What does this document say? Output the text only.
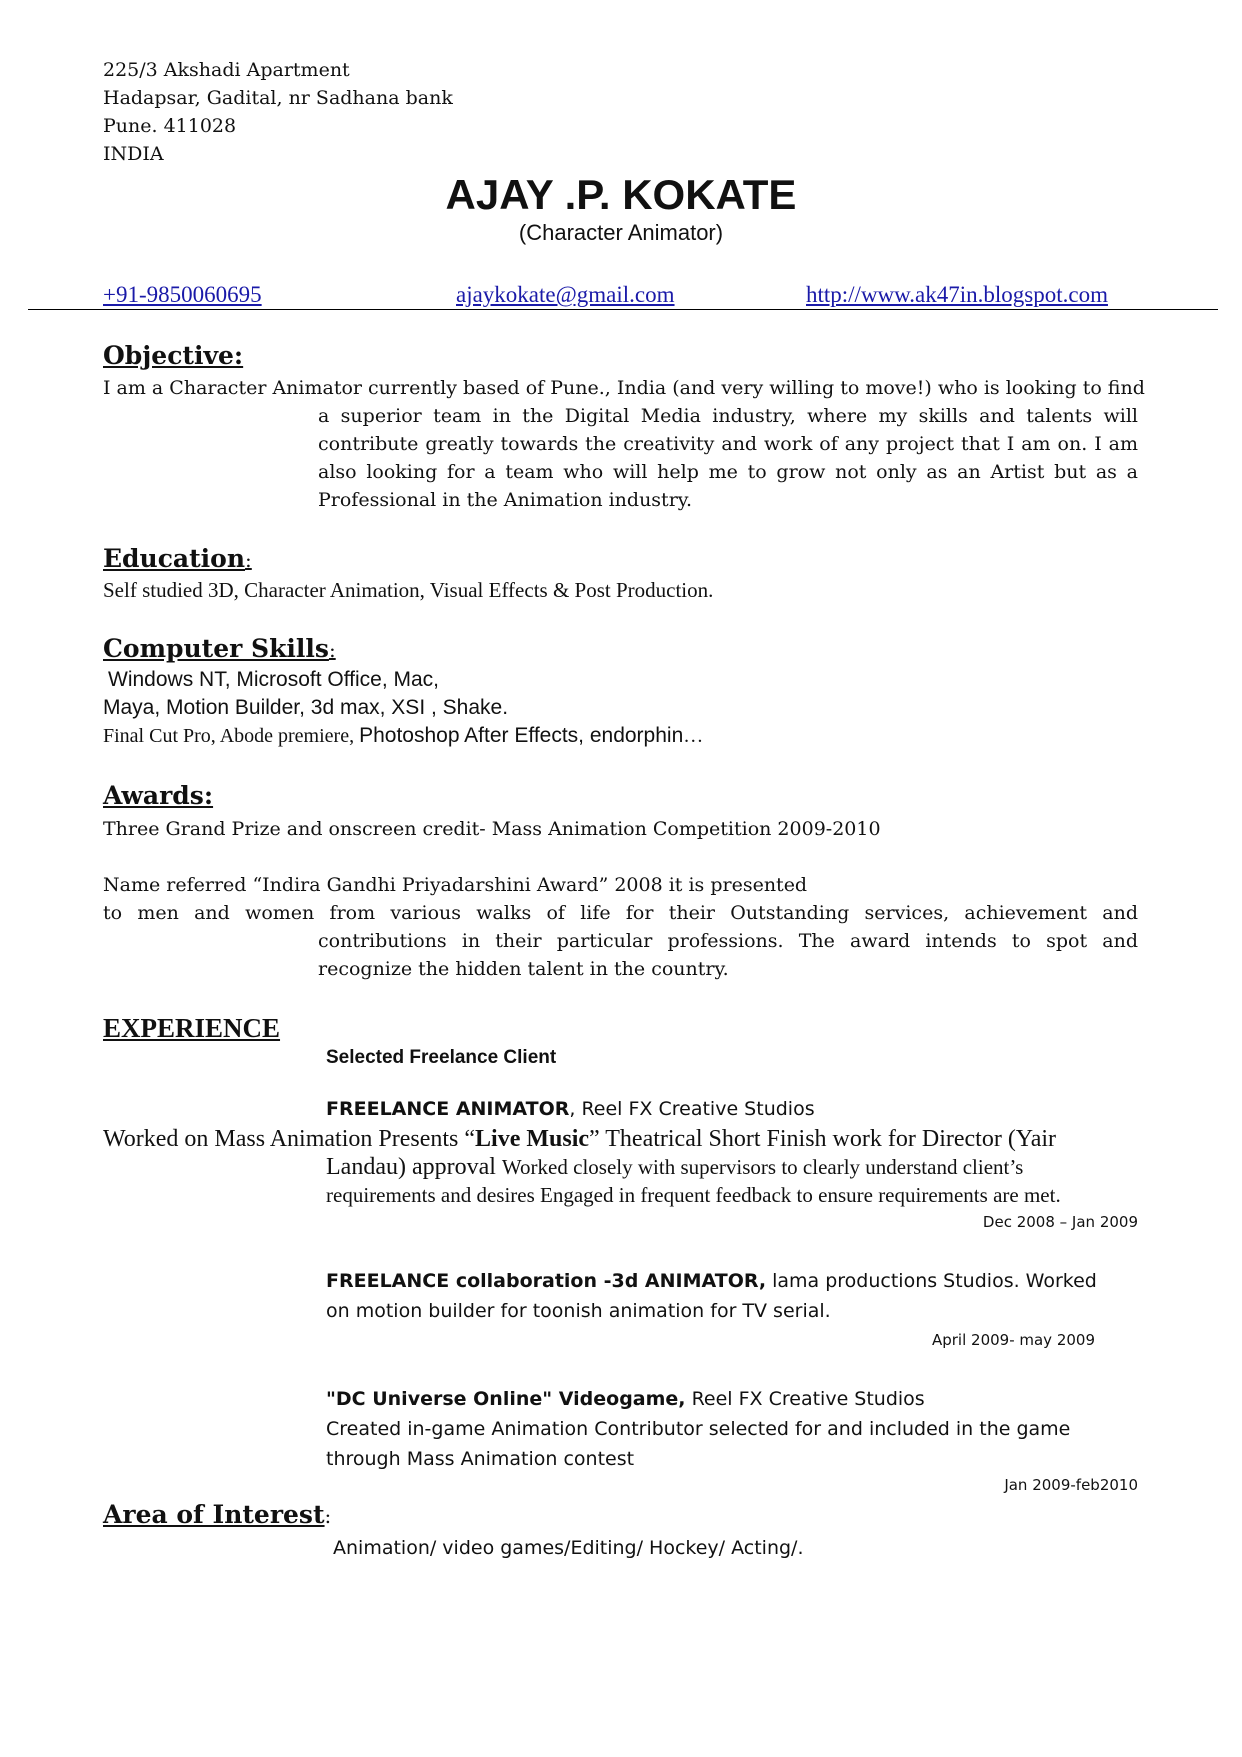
225/3 Akshadi Apartment
Hadapsar, Gadital, nr Sadhana bank
Pune. 411028
INDIA
AJAY .P. KOKATE
(Character Animator)
+91-9850060695	ajaykokate@gmail.com	http://www.ak47in.blogspot.com
Objective:
I am a Character Animator currently based of Pune., India (and very willing to move!) who is looking to find
a superior team in the Digital Media industry, where my skills and talents will
contribute greatly towards the creativity and work of any project that I am on. I am
also looking for a team who will help me to grow not only as an Artist but as a
Professional in the Animation industry.
Education:
Self studied 3D, Character Animation, Visual Effects & Post Production.
Computer Skills:
Windows NT, Microsoft Office, Mac,
Maya, Motion Builder, 3d max, XSI , Shake.
Final Cut Pro, Abode premiere, Photoshop After Effects, endorphin…
Awards:
Three Grand Prize and onscreen credit- Mass Animation Competition 2009-2010
Name referred “Indira Gandhi Priyadarshini Award” 2008 it is presented
to men and women from various walks of life for their Outstanding services, achievement and
contributions in their particular professions. The award intends to spot and
recognize the hidden talent in the country.
EXPERIENCE
Selected Freelance Client
FREELANCE ANIMATOR, Reel FX Creative Studios
Worked on Mass Animation Presents “Live Music” Theatrical Short Finish work for Director (Yair
Landau) approval Worked closely with supervisors to clearly understand client’s
requirements and desires Engaged in frequent feedback to ensure requirements are met.
Dec 2008 – Jan 2009
FREELANCE collaboration -3d ANIMATOR, lama productions Studios. Worked
on motion builder for toonish animation for TV serial.
April 2009- may 2009
"DC Universe Online" Videogame, Reel FX Creative Studios
Created in-game Animation Contributor selected for and included in the game
through Mass Animation contest
Jan 2009-feb2010
Area of Interest:
Animation/ video games/Editing/ Hockey/ Acting/.
